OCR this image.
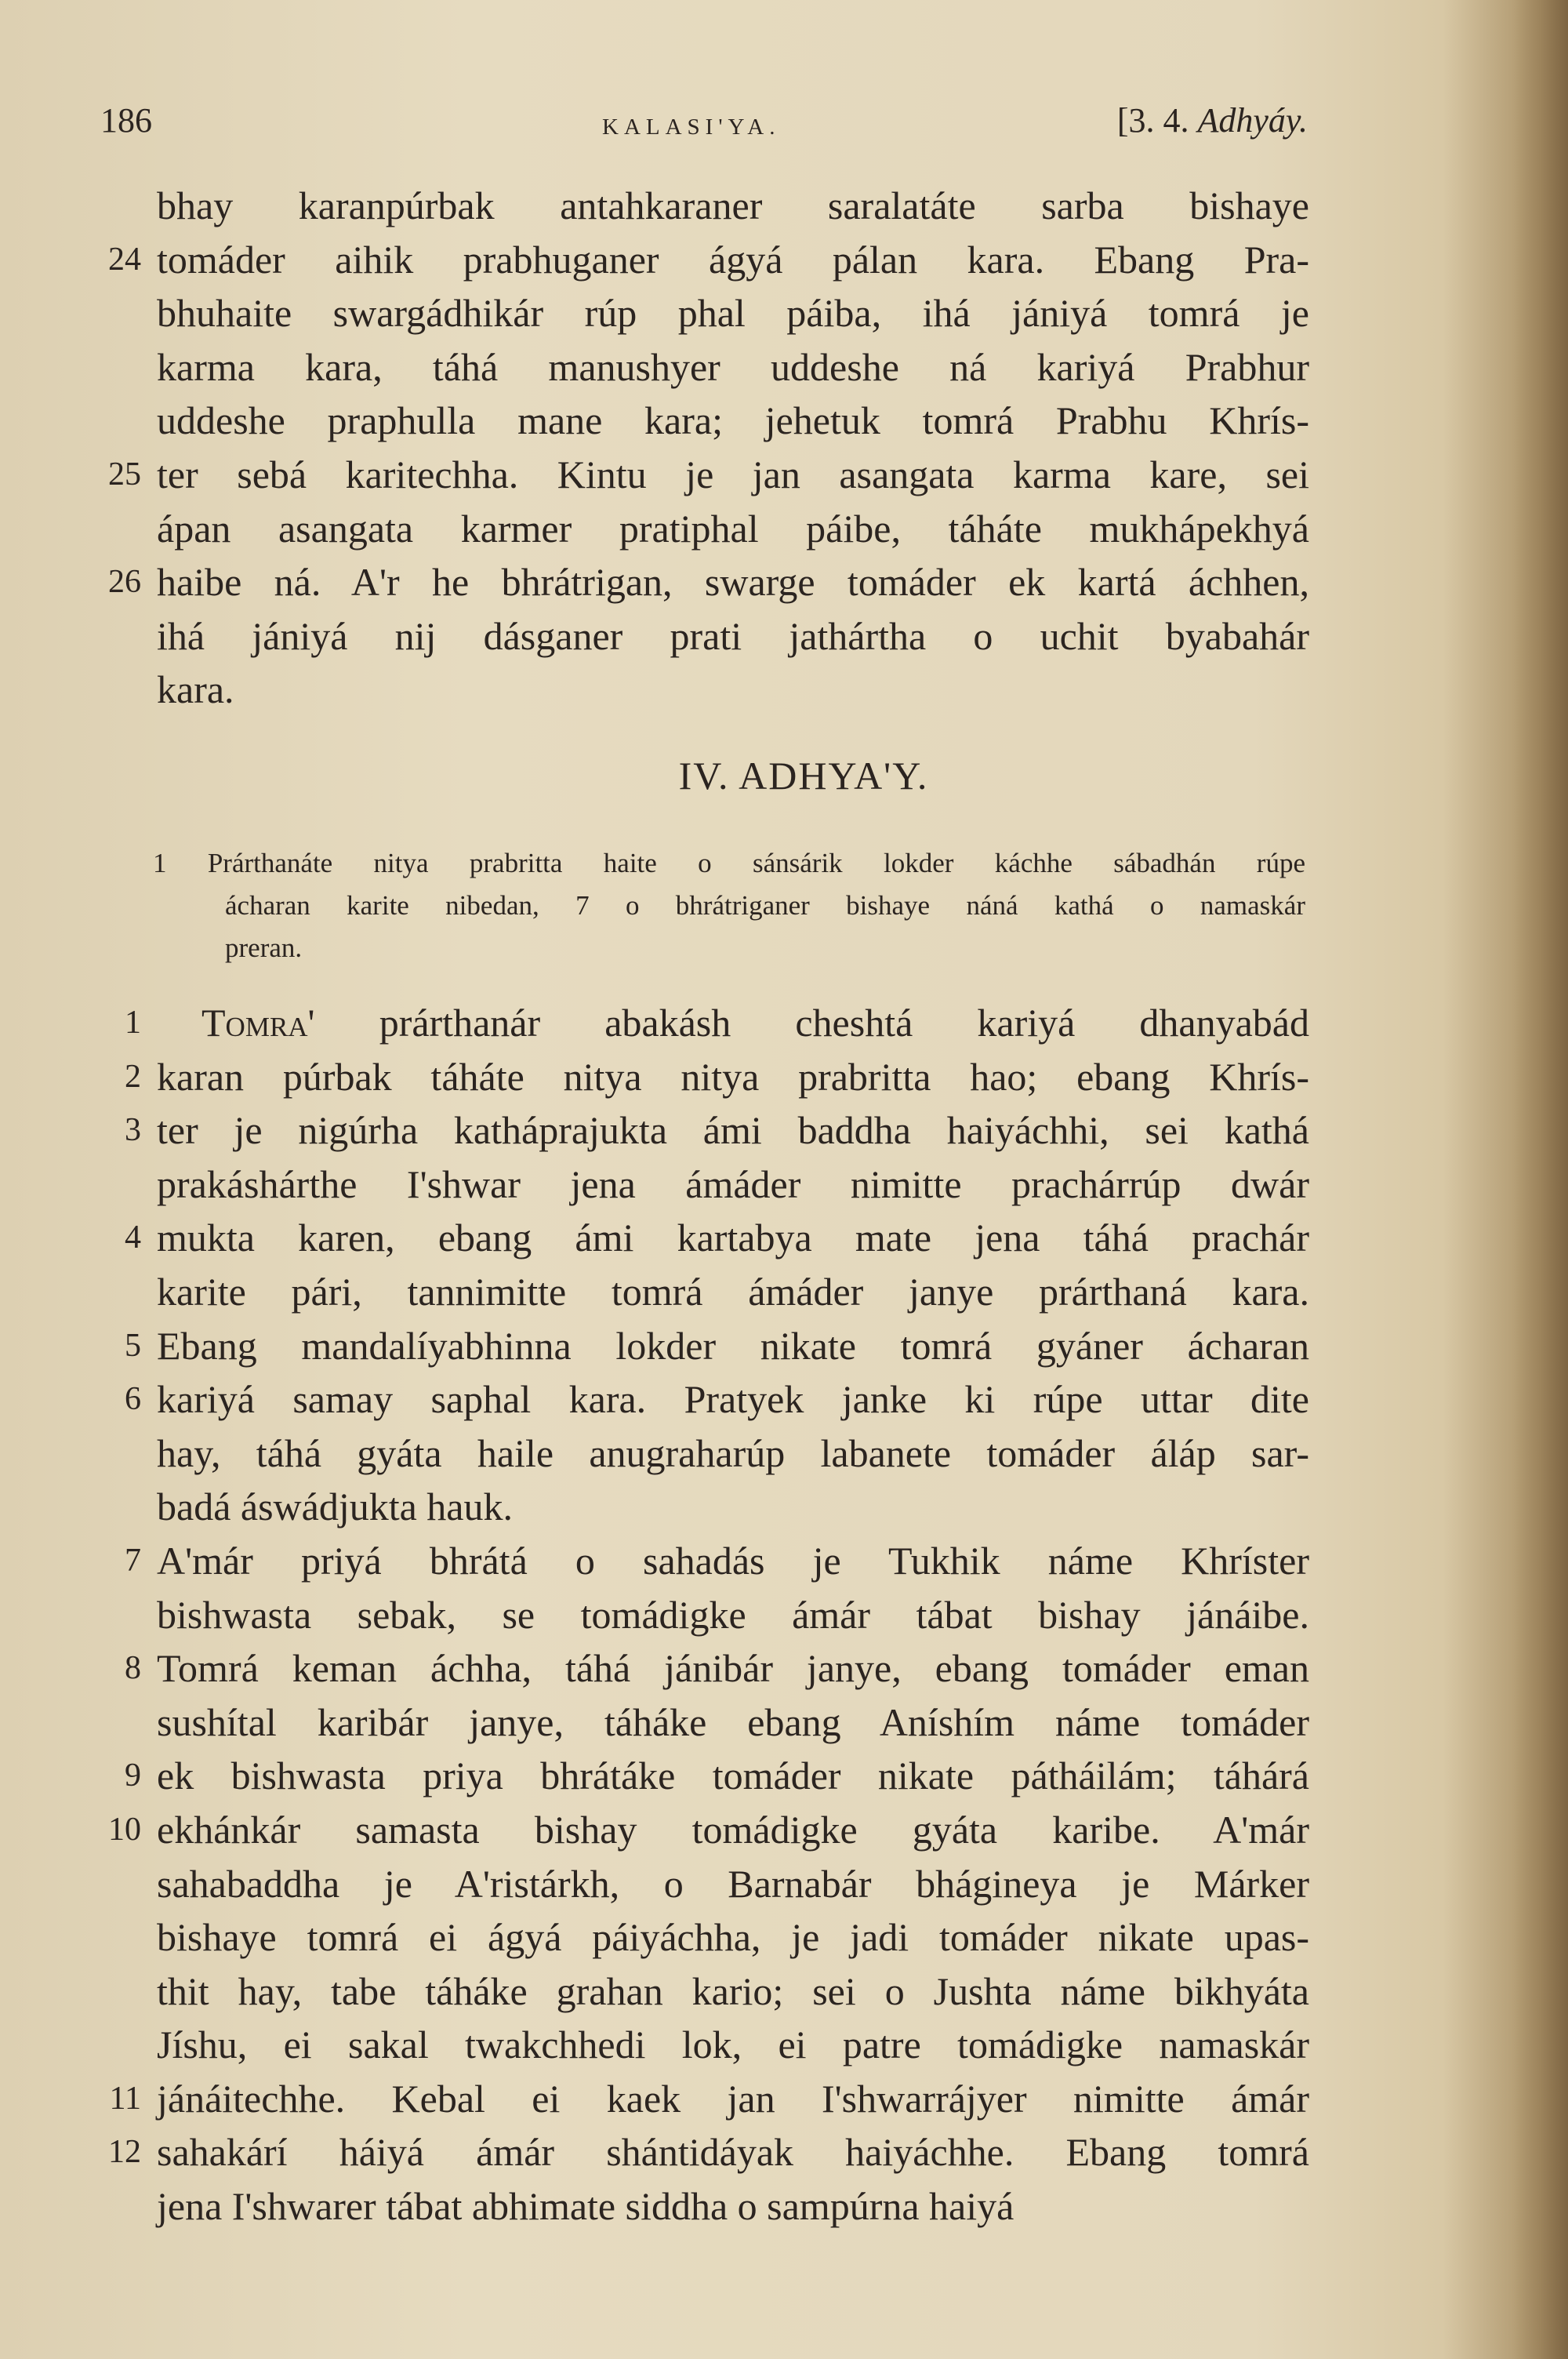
186	KALASI'YA.	[3. 4. Adhyáy.
bhay karanpúrbak antahkaraner saralatáte sarba bishaye
24 tomáder aihik prabhuganer ágyá pálan kara. Ebang Pra-
bhuhaite swargádhikár rúp phal páiba, ihá jániyá tomrá je
karma kara, táhá manushyer uddeshe ná kariyá Prabhur
uddeshe praphulla mane kara; jehetuk tomrá Prabhu Khrís-
25 ter sebá karitechha. Kintu je jan asangata karma kare, sei
ápan asangata karmer pratiphal páibe, táháte mukhápekhyá
26 haibe ná. A'r he bhrátrigan, swarge tomáder ek kartá áchhen,
ihá jániyá nij dásganer prati jathártha o uchit byabahár
kara.
IV. ADHYA'Y.
1 Prárthanáte nitya prabritta haite o sánsárik lokder káchhe sábadhán rúpe
ácharan karite nibedan, 7 o bhrátriganer bishaye náná kathá o namaskár
preran.
1	Tomra' prárthanár abakásh cheshtá kariyá dhanyabád
2 karan púrbak táháte nitya nitya prabritta hao; ebang Khrís-
3 ter je nigúrha katháprajukta ámi baddha haiyáchhi, sei kathá
prakáshárthe I'shwar jena ámáder nimitte prachárrúp dwár
4 mukta karen, ebang ámi kartabya mate jena táhá prachár
karite pári, tannimitte tomrá ámáder janye prárthaná kara.
5 Ebang mandalíyabhinna lokder nikate tomrá gyáner ácharan
6 kariyá samay saphal kara. Pratyek janke ki rúpe uttar dite
hay, táhá gyáta haile anugraharúp labanete tomáder áláp sar-
badá áswádjukta hauk.
7 A'már priyá bhrátá o sahadás je Tukhik náme Khríster
bishwasta sebak, se tomádigke ámár tábat bishay jánáibe.
8 Tomrá keman áchha, táhá jánibár janye, ebang tomáder eman
sushítal karibár janye, táháke ebang Aníshím náme tomáder
9 ek bishwasta priya bhrátáke tomáder nikate pátháilám; táhárá
10 ekhánkár samasta bishay tomádigke gyáta karibe. A'már
sahabaddha je A'ristárkh, o Barnabár bhágineya je Márker
bishaye tomrá ei ágyá páiyáchha, je jadi tomáder nikate upas-
thit hay, tabe táháke grahan kario; sei o Jushta náme bikhyáta
Jíshu, ei sakal twakchhedi lok, ei patre tomádigke namaskár
11 jánáitechhe. Kebal ei kaek jan I'shwarrájyer nimitte ámár
12 sahakárí háiyá ámár shántidáyak haiyáchhe. Ebang tomrá
jena I'shwarer tábat abhimate siddha o sampúrna haiyá
